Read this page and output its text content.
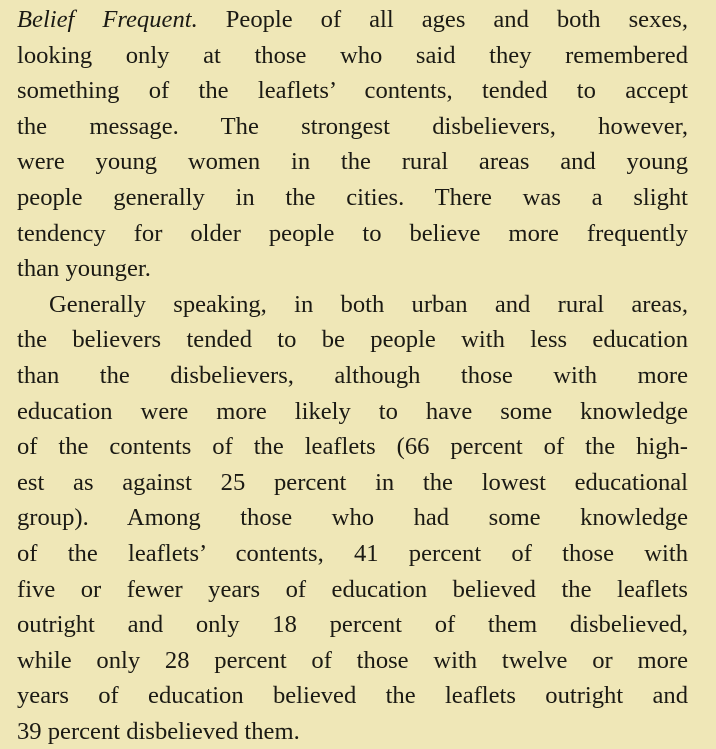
Belief Frequent. People of all ages and both sexes,
looking only at those who said they remembered
something of the leaflets’ contents, tended to accept
the message. The strongest disbelievers, however,
were young women in the rural areas and young
people generally in the cities. There was a slight
tendency for older people to believe more frequently
than younger.
Generally speaking, in both urban and rural areas,
the believers tended to be people with less education
than the disbelievers, although those with more
education were more likely to have some knowledge
of the contents of the leaflets (66 percent of the high-
est as against 25 percent in the lowest educational
group). Among those who had some knowledge
of the leaflets’ contents, 41 percent of those with
five or fewer years of education believed the leaflets
outright and only 18 percent of them disbelieved,
while only 28 percent of those with twelve or more
years of education believed the leaflets outright and
39 percent disbelieved them.
